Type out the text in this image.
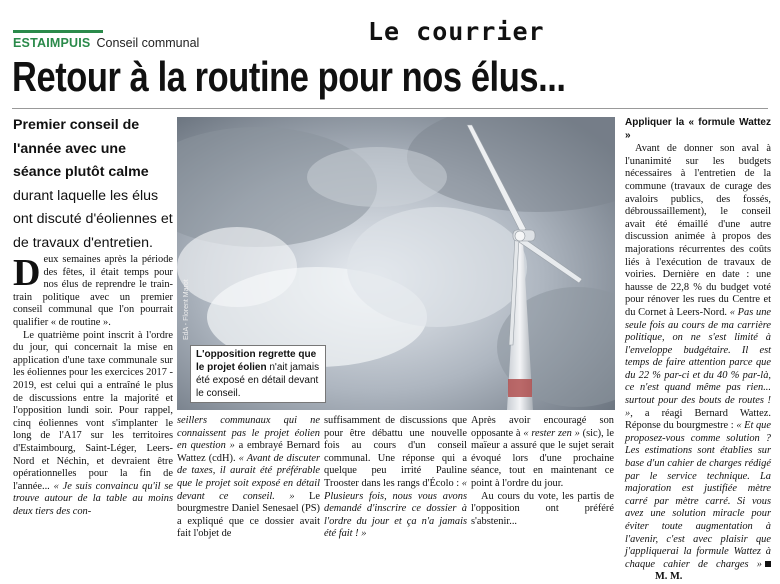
ESTAIMPUIS Conseil communal	Le courrier
Retour à la routine pour nos élus...
Premier conseil de l'année avec une séance plutôt calme durant laquelle les élus ont discuté d'éoliennes et de travaux d'entretien.
EdA - Florent Marot
L'opposition regrette que le projet éolien n'ait jamais été exposé en détail devant le conseil.

Deux semaines après la période des fêtes, il était temps pour nos élus de reprendre le train-train politique avec un premier conseil communal que l'on pourrait qualifier « de routine ».

Le quatrième point inscrit à l'ordre du jour, qui concernait la mise en application d'une taxe communale sur les éoliennes pour les exercices 2017 - 2019, est celui qui a entraîné le plus de discussions entre la majorité et l'opposition lundi soir. Pour rappel, cinq éoliennes vont s'implanter le long de l'A17 sur les territoires d'Estaimbourg, Saint-Léger, Leers-Nord et Néchin, et devraient être opérationnelles pour la fin de l'année... « Je suis convaincu qu'il se trouve autour de la table au moins deux tiers des con-

seillers communaux qui ne connaissent pas le projet éolien en question » a embrayé Bernard Wattez (cdH). « Avant de discuter de taxes, il aurait été préférable que le projet soit exposé en détail devant ce conseil. » Le bourgmestre Daniel Senesael (PS) a expliqué que ce dossier avait fait l'objet de

suffisamment de discussions que pour être débattu une nouvelle fois au cours d'un conseil communal. Une réponse qui a quelque peu irrité Pauline Trooster dans les rangs d'Écolo : « Plusieurs fois, nous vous avons demandé d'inscrire ce dossier à l'ordre du jour et ça n'a jamais été fait ! »

Après avoir encouragé son opposante à « rester zen » (sic), le maïeur a assuré que le sujet serait évoqué lors d'une prochaine séance, tout en maintenant ce point à l'ordre du jour.

Au cours du vote, les partis de l'opposition ont préféré s'abstenir...

Appliquer la « formule Wattez »

Avant de donner son aval à l'unanimité sur les budgets nécessaires à l'entretien de la commune (travaux de curage des avaloirs publics, des fossés, débroussaillement), le conseil avait été émaillé d'une autre discussion animée à propos des majorations récurrentes des coûts liés à l'exécution de travaux de voiries. Dernière en date : une hausse de 22,8 % du budget voté pour rénover les rues du Centre et du Cornet à Leers-Nord. « Pas une seule fois au cours de ma carrière politique, on ne s'est limité à l'enveloppe budgétaire. Il est temps de faire attention parce que du 22 % par-ci et du 40 % par-là, ce n'est quand même pas rien... surtout pour des bouts de routes ! », a réagi Bernard Wattez. Réponse du bourgmestre : « Et que proposez-vous comme solution ? Les estimations sont établies sur base d'un cahier de charges rédigé par le service technique. La majoration est justifiée mètre carré par mètre carré. Si vous avez une solution miracle pour éviter toute augmentation à l'avenir, c'est avec plaisir que j'appliquerai la formule Wattez à chaque cahier de charges »M. M.
